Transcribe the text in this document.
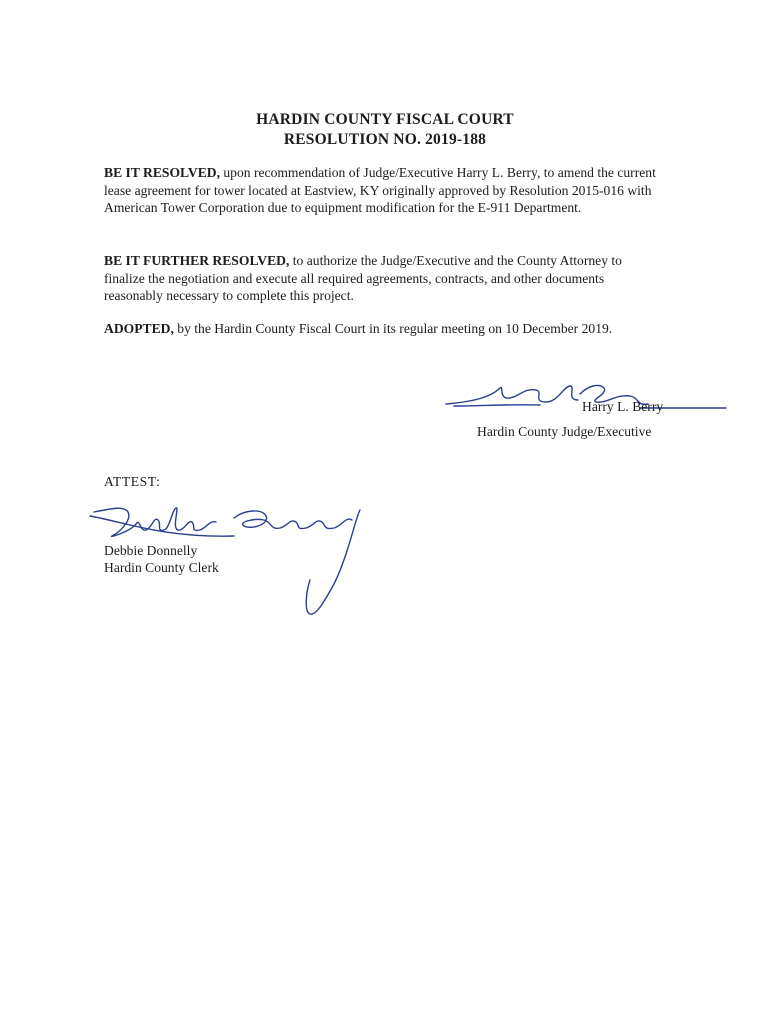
HARDIN COUNTY FISCAL COURT
RESOLUTION NO. 2019-188
BE IT RESOLVED, upon recommendation of Judge/Executive Harry L. Berry, to amend the current lease agreement for tower located at Eastview, KY originally approved by Resolution 2015-016 with American Tower Corporation due to equipment modification for the E-911 Department.
BE IT FURTHER RESOLVED, to authorize the Judge/Executive and the County Attorney to finalize the negotiation and execute all required agreements, contracts, and other documents reasonably necessary to complete this project.
ADOPTED, by the Hardin County Fiscal Court in its regular meeting on 10 December 2019.
Harry L. Berry
Hardin County Judge/Executive
ATTEST:
Debbie Donnelly
Hardin County Clerk
